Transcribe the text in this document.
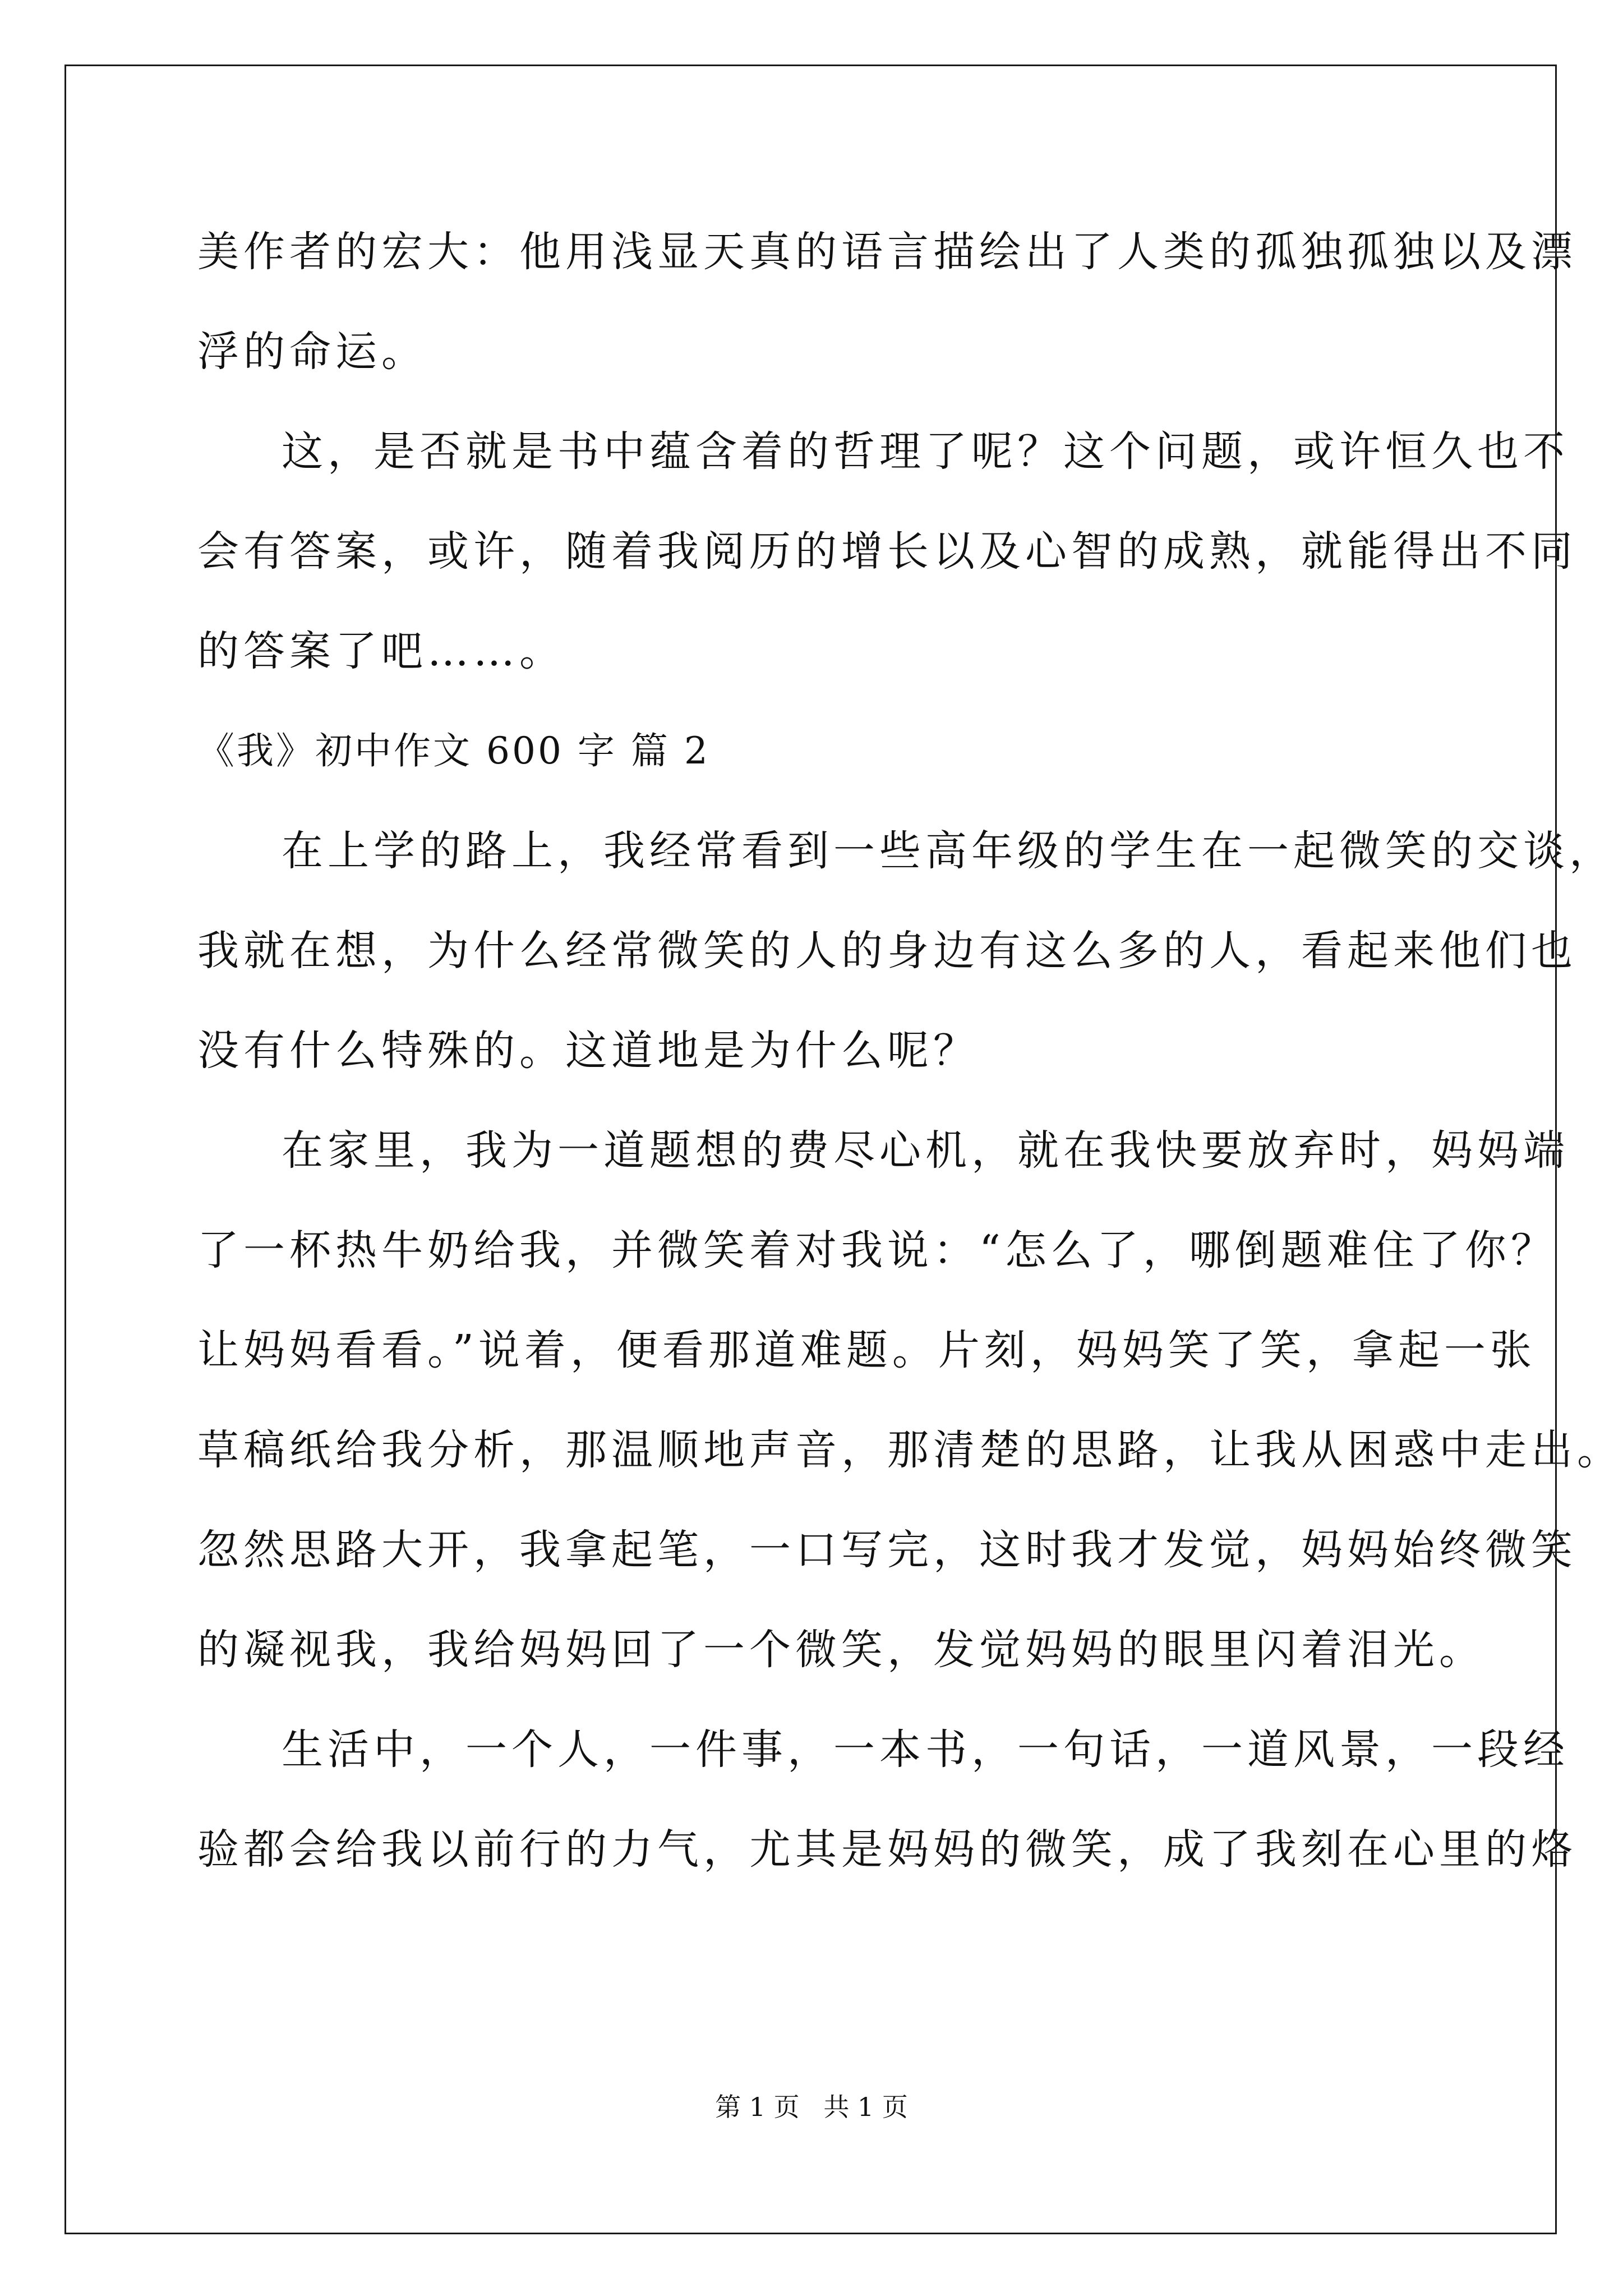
美作者的宏大：他用浅显天真的语言描绘出了人类的孤独孤独以及漂
浮的命运。
这，是否就是书中蕴含着的哲理了呢？这个问题，或许恒久也不
会有答案，或许，随着我阅历的增长以及心智的成熟，就能得出不同
的答案了吧……。
《我》初中作文 600 字 篇 2
在上学的路上，我经常看到一些高年级的学生在一起微笑的交谈，
我就在想，为什么经常微笑的人的身边有这么多的人，看起来他们也
没有什么特殊的。这道地是为什么呢？
在家里，我为一道题想的费尽心机，就在我快要放弃时，妈妈端
了一杯热牛奶给我，并微笑着对我说：“怎么了，哪倒题难住了你？
让妈妈看看。”说着，便看那道难题。片刻，妈妈笑了笑，拿起一张
草稿纸给我分析，那温顺地声音，那清楚的思路，让我从困惑中走出。
忽然思路大开，我拿起笔，一口写完，这时我才发觉，妈妈始终微笑
的凝视我，我给妈妈回了一个微笑，发觉妈妈的眼里闪着泪光。
生活中，一个人，一件事，一本书，一句话，一道风景，一段经
验都会给我以前行的力气，尤其是妈妈的微笑，成了我刻在心里的烙
第 1 页 共 1 页
